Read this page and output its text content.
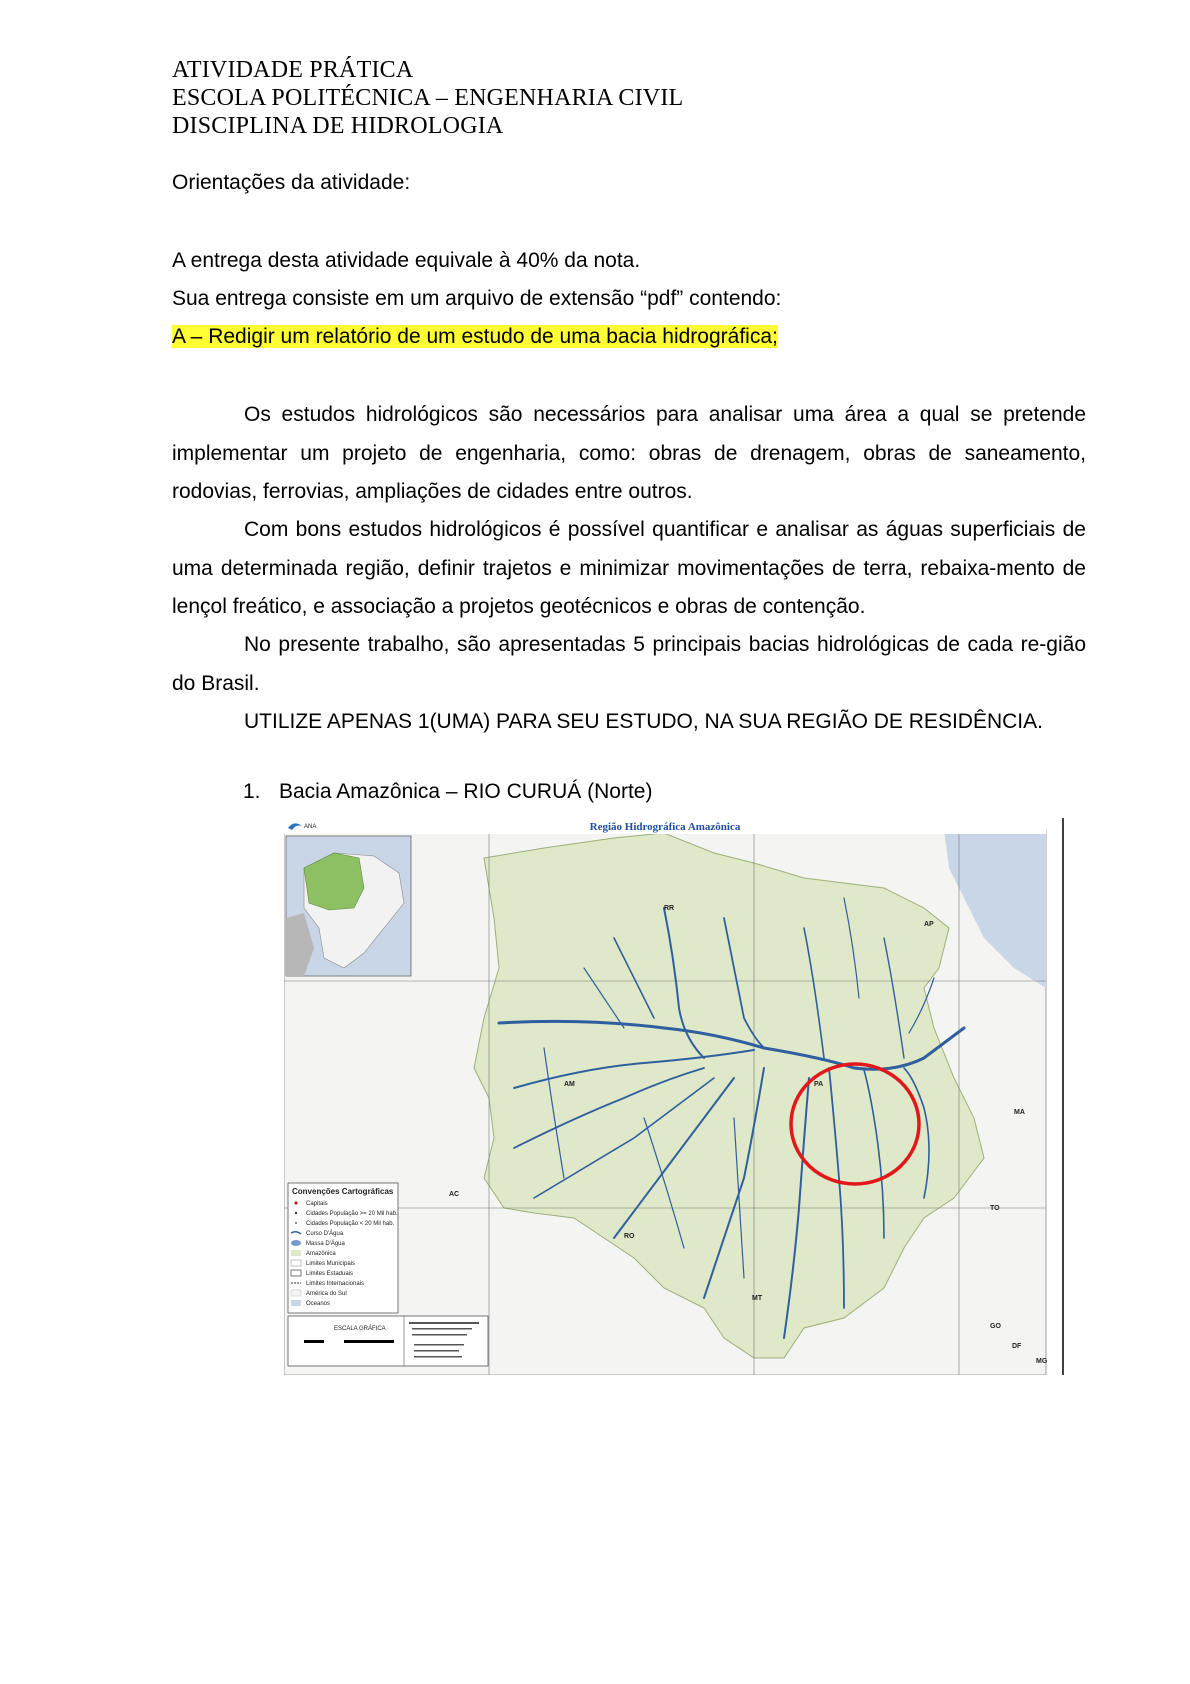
ATIVIDADE PRÁTICA
ESCOLA POLITÉCNICA – ENGENHARIA CIVIL
DISCIPLINA DE HIDROLOGIA
Orientações da atividade:
A entrega desta atividade equivale à 40% da nota.
Sua entrega consiste em um arquivo de extensão “pdf” contendo:
A – Redigir um relatório de um estudo de uma bacia hidrográfica;
Os estudos hidrológicos são necessários para analisar uma área a qual se pretende implementar um projeto de engenharia, como: obras de drenagem, obras de saneamento, rodovias, ferrovias, ampliações de cidades entre outros.
Com bons estudos hidrológicos é possível quantificar e analisar as águas superficiais de uma determinada região, definir trajetos e minimizar movimentações de terra, rebaixa-mento de lençol freático, e associação a projetos geotécnicos e obras de contenção.
No presente trabalho, são apresentadas 5 principais bacias hidrológicas de cada re-gião do Brasil.
UTILIZE APENAS 1(UMA) PARA SEU ESTUDO, NA SUA REGIÃO DE RESIDÊNCIA.
1. Bacia Amazônica – RIO CURUÁ (Norte)
RR
AP
AM	PA
MA
AC
RO
TO
MT
GO
DF
MG
Região Hidrográfica Amazônica
ANA
Convenções Cartográficas
Capitais
Cidades População >= 20 Mil hab.
Cidades População < 20 Mil hab.
Curso D'Água
Massa D'Água
Amazônica
Limites Municipais
Limites Estaduais
Limites Internacionais
América do Sul
Oceanos
ESCALA GRÁFICA
